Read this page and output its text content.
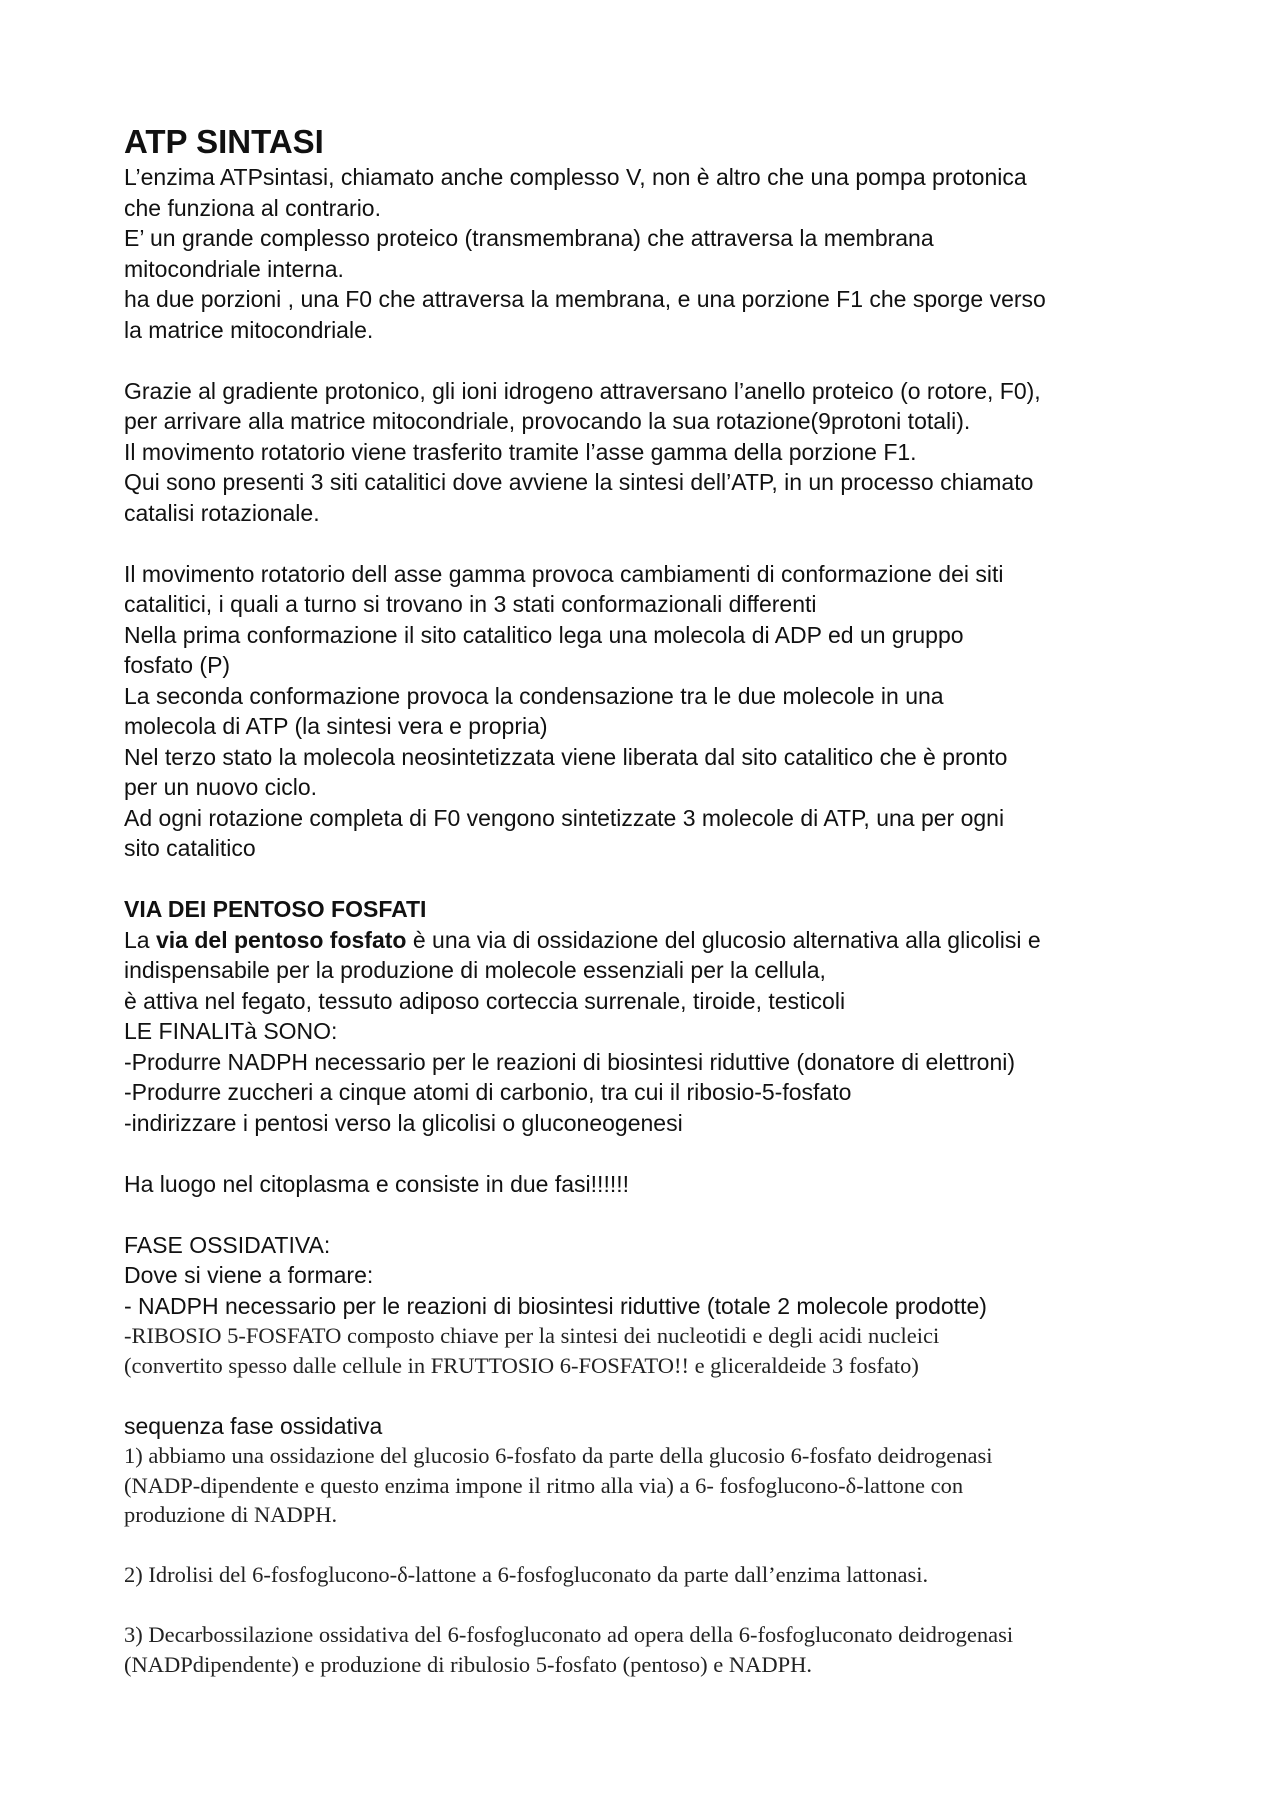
ATP SINTASI

L’enzima ATPsintasi, chiamato anche complesso V, non è altro che una pompa protonica
che funziona al contrario.
E’ un grande complesso proteico (transmembrana) che attraversa la membrana
mitocondriale interna.
ha due porzioni , una F0 che attraversa la membrana, e una porzione F1 che sporge verso
la matrice mitocondriale.

Grazie al gradiente protonico, gli ioni idrogeno attraversano l’anello proteico (o rotore, F0),
per arrivare alla matrice mitocondriale, provocando la sua rotazione(9protoni totali).
Il movimento rotatorio viene trasferito tramite l’asse gamma della porzione F1.
Qui sono presenti 3 siti catalitici dove avviene la sintesi dell’ATP, in un processo chiamato
catalisi rotazionale.

Il movimento rotatorio dell asse gamma provoca cambiamenti di conformazione dei siti
catalitici, i quali a turno si trovano in 3 stati conformazionali differenti
Nella prima conformazione il sito catalitico lega una molecola di ADP ed un gruppo
fosfato (P)
La seconda conformazione provoca la condensazione tra le due molecole in una
molecola di ATP (la sintesi vera e propria)
Nel terzo stato la molecola neosintetizzata viene liberata dal sito catalitico che è pronto
per un nuovo ciclo.
Ad ogni rotazione completa di F0 vengono sintetizzate 3 molecole di ATP, una per ogni
sito catalitico

VIA DEI PENTOSO FOSFATI

La via del pentoso fosfato è una via di ossidazione del glucosio alternativa alla glicolisi e
indispensabile per la produzione di molecole essenziali per la cellula,
è attiva nel fegato, tessuto adiposo corteccia surrenale, tiroide, testicoli
LE FINALITà SONO:
-Produrre NADPH necessario per le reazioni di biosintesi riduttive (donatore di elettroni)
-Produrre zuccheri a cinque atomi di carbonio, tra cui il ribosio-5-fosfato
-indirizzare i pentosi verso la glicolisi o gluconeogenesi

Ha luogo nel citoplasma e consiste in due fasi!!!!!!

FASE OSSIDATIVA:
Dove si viene a formare:
- NADPH necessario per le reazioni di biosintesi riduttive (totale 2 molecole prodotte)

-RIBOSIO 5-FOSFATO composto chiave per la sintesi dei nucleotidi e degli acidi nucleici
(convertito spesso dalle cellule in FRUTTOSIO 6-FOSFATO!! e gliceraldeide 3 fosfato)

sequenza fase ossidativa

1) abbiamo una ossidazione del glucosio 6-fosfato da parte della glucosio 6-fosfato deidrogenasi
(NADP-dipendente e questo enzima impone il ritmo alla via) a 6- fosfoglucono-δ-lattone con
produzione di NADPH.

2) Idrolisi del 6-fosfoglucono-δ-lattone a 6-fosfogluconato da parte dall’enzima lattonasi.

3) Decarbossilazione ossidativa del 6-fosfogluconato ad opera della 6-fosfogluconato deidrogenasi
(NADPdipendente) e produzione di ribulosio 5-fosfato (pentoso) e NADPH.
